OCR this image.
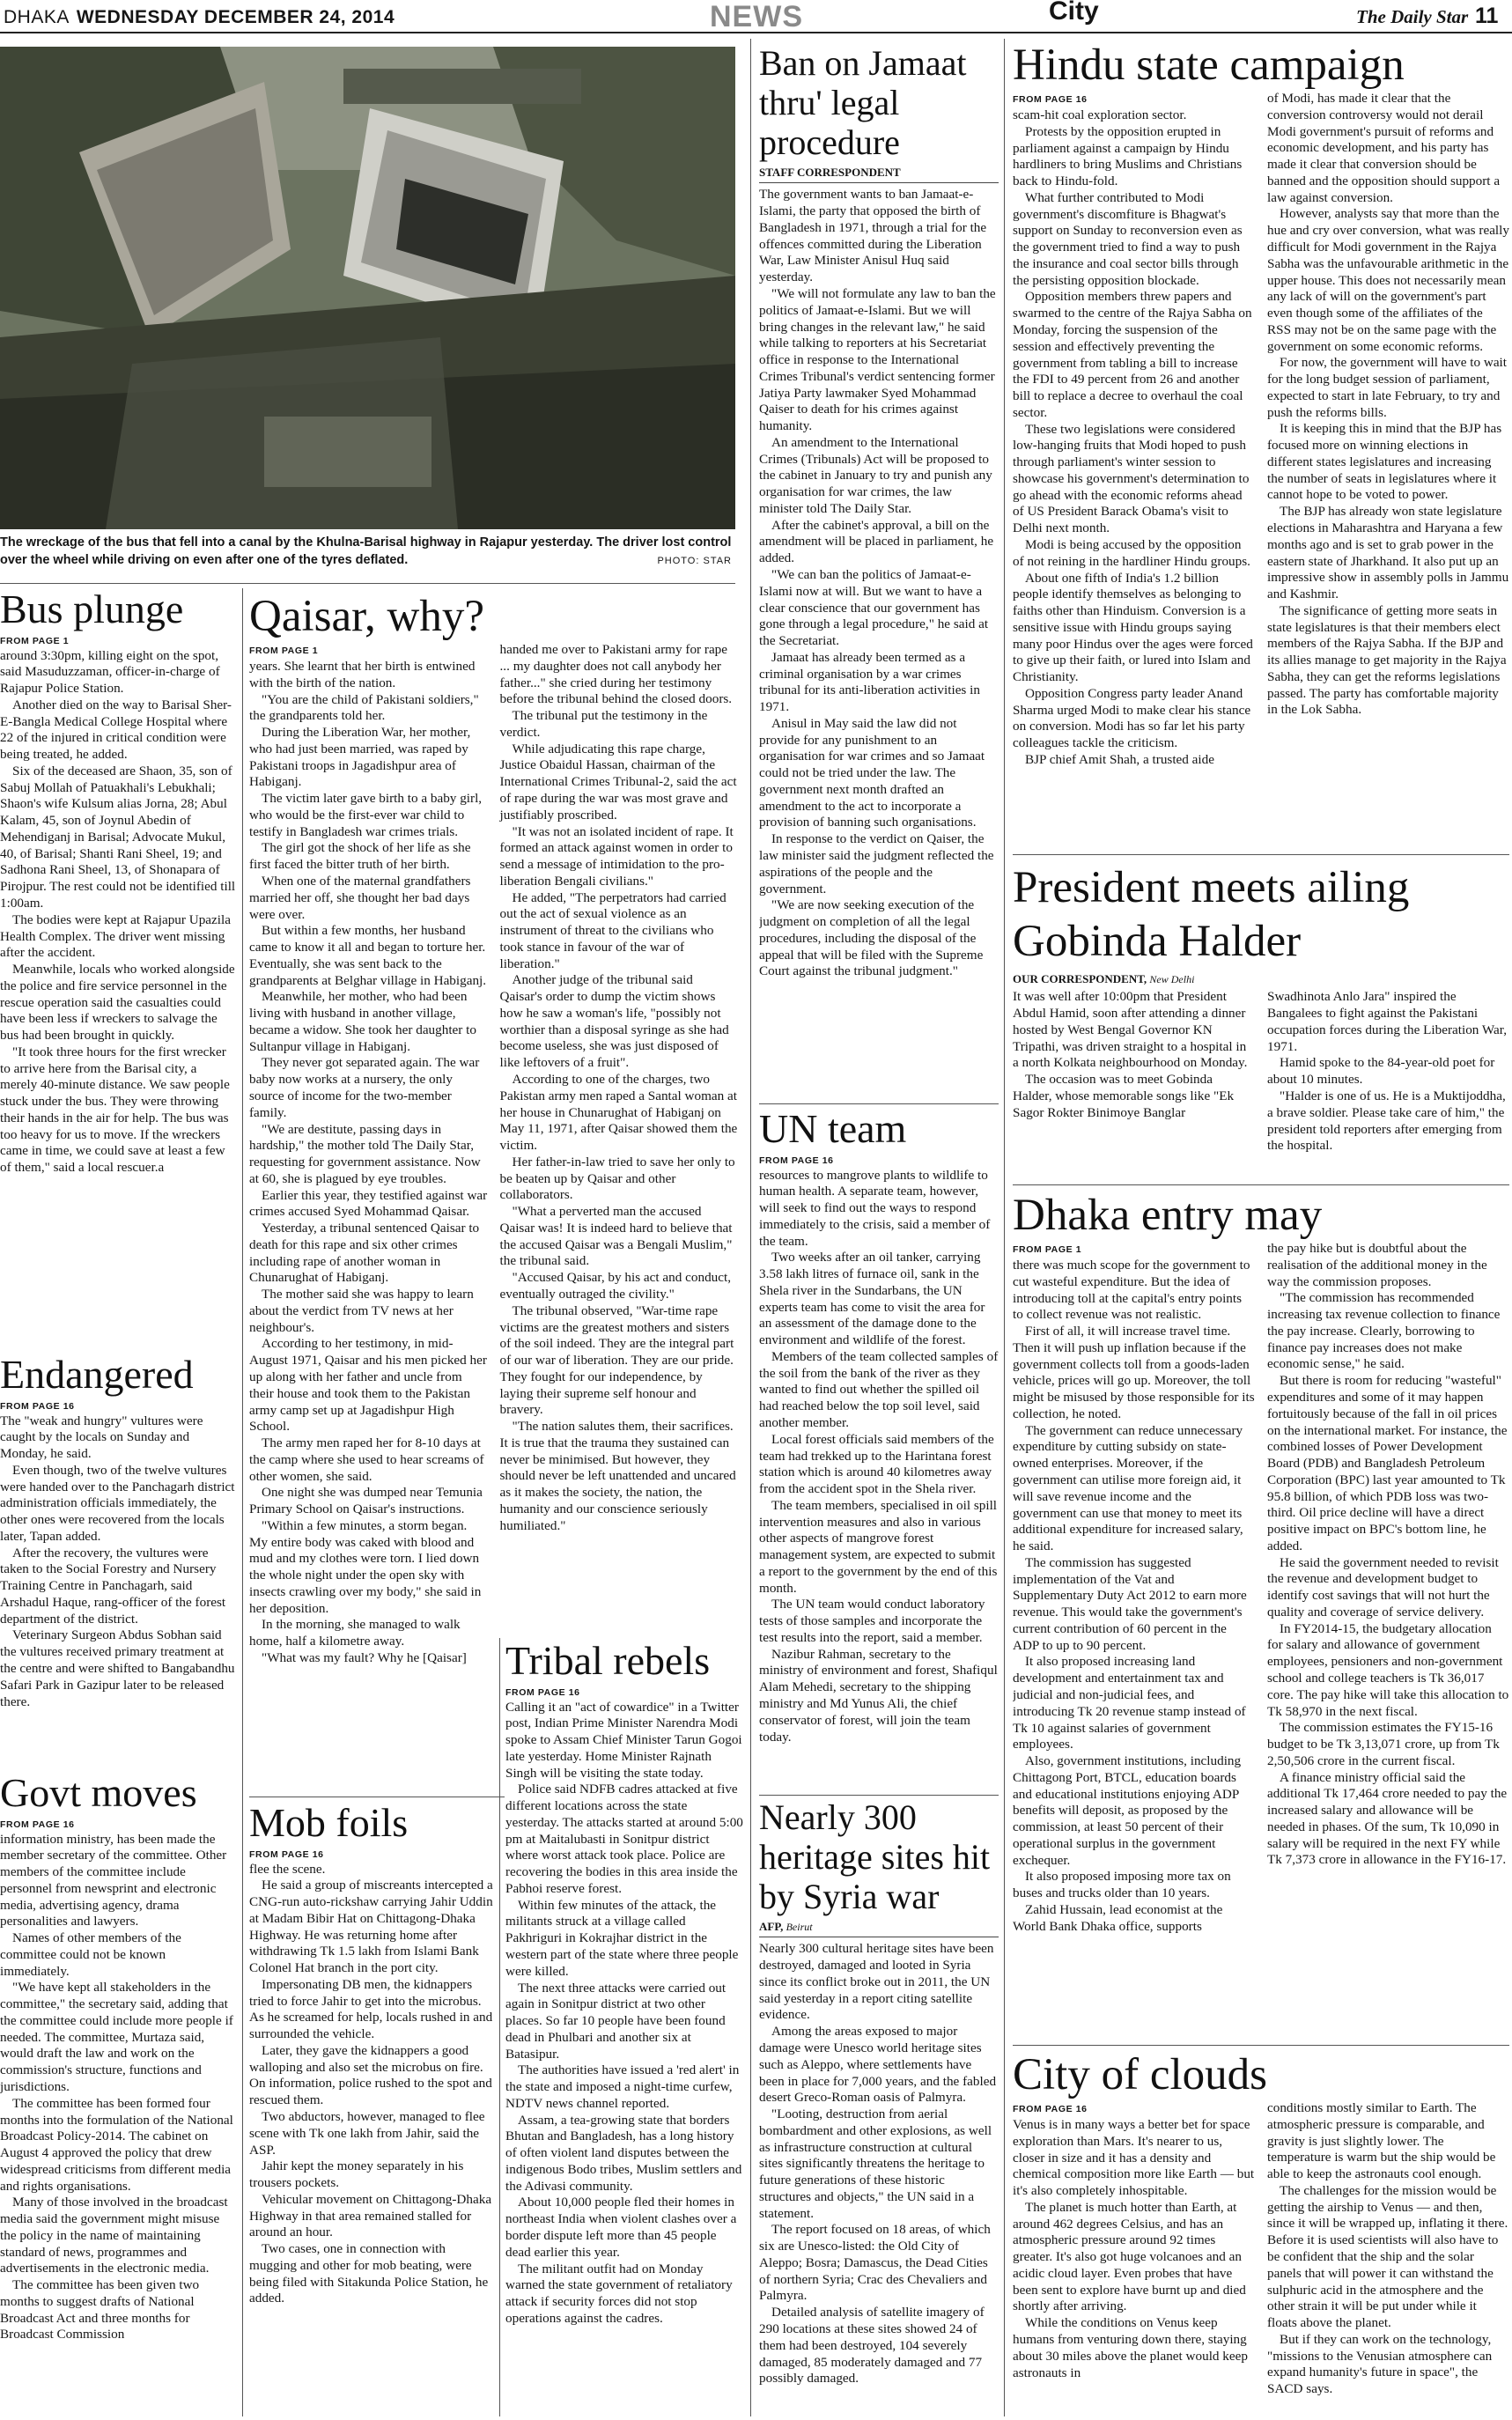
DHAKA WEDNESDAY DECEMBER 24, 2014	NEWS	City	The Daily Star 11
The wreckage of the bus that fell into a canal by the Khulna-Barisal highway in Rajapur yesterday. The driver lost control over the wheel while driving on even after one of the tyres deflated.	PHOTO: STAR
Bus plunge
FROM PAGE 1

around 3:30pm, killing eight on the spot, said Masuduzzaman, officer-in-charge of Rajapur Police Station.

Another died on the way to Barisal Sher-E-Bangla Medical College Hospital where 22 of the injured in critical condition were being treated, he added.

Six of the deceased are Shaon, 35, son of Sabuj Mollah of Patuakhali's Lebukhali; Shaon's wife Kulsum alias Jorna, 28; Abul Kalam, 45, son of Joynul Abedin of Mehendiganj in Barisal; Advocate Mukul, 40, of Barisal; Shanti Rani Sheel, 19; and Sadhona Rani Sheel, 13, of Shonapara of Pirojpur. The rest could not be identified till 1:00am.

The bodies were kept at Rajapur Upazila Health Complex. The driver went missing after the accident.

Meanwhile, locals who worked alongside the police and fire service personnel in the rescue operation said the casualties could have been less if wreckers to salvage the bus had been brought in quickly.

"It took three hours for the first wrecker to arrive here from the Barisal city, a merely 40-minute distance. We saw people stuck under the bus. They were throwing their hands in the air for help. The bus was too heavy for us to move. If the wreckers came in time, we could save at least a few of them," said a local rescuer.a

Endangered
FROM PAGE 16

The "weak and hungry" vultures were caught by the locals on Sunday and Monday, he said.

Even though, two of the twelve vultures were handed over to the Panchagarh district administration officials immediately, the other ones were recovered from the locals later, Tapan added.

After the recovery, the vultures were taken to the Social Forestry and Nursery Training Centre in Panchagarh, said Arshadul Haque, rang-officer of the forest department of the district.

Veterinary Surgeon Abdus Sobhan said the vultures received primary treatment at the centre and were shifted to Bangabandhu Safari Park in Gazipur later to be released there.

Govt moves
FROM PAGE 16

information ministry, has been made the member secretary of the committee. Other members of the committee include personnel from newsprint and electronic media, advertising agency, drama personalities and lawyers.

Names of other members of the committee could not be known immediately.

"We have kept all stakeholders in the committee," the secretary said, adding that the committee could include more people if needed. The committee, Murtaza said, would draft the law and work on the commission's structure, functions and jurisdictions.

The committee has been formed four months into the formulation of the National Broadcast Policy-2014. The cabinet on August 4 approved the policy that drew widespread criticisms from different media and rights organisations.

Many of those involved in the broadcast media said the government might misuse the policy in the name of maintaining standard of news, programmes and advertisements in the electronic media.

The committee has been given two months to suggest drafts of National Broadcast Act and three months for Broadcast Commission

Qaisar, why?
FROM PAGE 1

years. She learnt that her birth is entwined with the birth of the nation.

"You are the child of Pakistani soldiers," the grandparents told her.

During the Liberation War, her mother, who had just been married, was raped by Pakistani troops in Jagadishpur area of Habiganj.

The victim later gave birth to a baby girl, who would be the first-ever war child to testify in Bangladesh war crimes trials.

The girl got the shock of her life as she first faced the bitter truth of her birth.

When one of the maternal grandfathers married her off, she thought her bad days were over.

But within a few months, her husband came to know it all and began to torture her. Eventually, she was sent back to the grandparents at Belghar village in Habiganj.

Meanwhile, her mother, who had been living with husband in another village, became a widow. She took her daughter to Sultanpur village in Habiganj.

They never got separated again. The war baby now works at a nursery, the only source of income for the two-member family.

"We are destitute, passing days in hardship," the mother told The Daily Star, requesting for government assistance. Now at 60, she is plagued by eye troubles.

Earlier this year, they testified against war crimes accused Syed Mohammad Qaisar.

Yesterday, a tribunal sentenced Qaisar to death for this rape and six other crimes including rape of another woman in Chunarughat of Habiganj.

The mother said she was happy to learn about the verdict from TV news at her neighbour's.

According to her testimony, in mid-August 1971, Qaisar and his men picked her up along with her father and uncle from their house and took them to the Pakistan army camp set up at Jagadishpur High School.

The army men raped her for 8-10 days at the camp where she used to hear screams of other women, she said.

One night she was dumped near Temunia Primary School on Qaisar's instructions.

"Within a few minutes, a storm began. My entire body was caked with blood and mud and my clothes were torn. I lied down the whole night under the open sky with insects crawling over my body," she said in her deposition.

In the morning, she managed to walk home, half a kilometre away.

"What was my fault? Why he [Qaisar]

handed me over to Pakistani army for rape ... my daughter does not call anybody her father..." she cried during her testimony before the tribunal behind the closed doors.

The tribunal put the testimony in the verdict.

While adjudicating this rape charge, Justice Obaidul Hassan, chairman of the International Crimes Tribunal-2, said the act of rape during the war was most grave and justifiably proscribed.

"It was not an isolated incident of rape. It formed an attack against women in order to send a message of intimidation to the pro-liberation Bengali civilians."

He added, "The perpetrators had carried out the act of sexual violence as an instrument of threat to the civilians who took stance in favour of the war of liberation."

Another judge of the tribunal said Qaisar's order to dump the victim shows how he saw a woman's life, "possibly not worthier than a disposal syringe as she had become useless, she was just disposed of like leftovers of a fruit".

According to one of the charges, two Pakistan army men raped a Santal woman at her house in Chunarughat of Habiganj on May 11, 1971, after Qaisar showed them the victim.

Her father-in-law tried to save her only to be beaten up by Qaisar and other collaborators.

"What a perverted man the accused Qaisar was! It is indeed hard to believe that the accused Qaisar was a Bengali Muslim," the tribunal said.

"Accused Qaisar, by his act and conduct, eventually outraged the civility."

The tribunal observed, "War-time rape victims are the greatest mothers and sisters of the soil indeed. They are the integral part of our war of liberation. They are our pride. They fought for our independence, by laying their supreme self honour and bravery.

"The nation salutes them, their sacrifices. It is true that the trauma they sustained can never be minimised. But however, they should never be left unattended and uncared as it makes the society, the nation, the humanity and our conscience seriously humiliated."

Mob foils
FROM PAGE 16

flee the scene.

He said a group of miscreants intercepted a CNG-run auto-rickshaw carrying Jahir Uddin at Madam Bibir Hat on Chittagong-Dhaka Highway. He was returning home after withdrawing Tk 1.5 lakh from Islami Bank Colonel Hat branch in the port city.

Impersonating DB men, the kidnappers tried to force Jahir to get into the microbus. As he screamed for help, locals rushed in and surrounded the vehicle.

Later, they gave the kidnappers a good walloping and also set the microbus on fire. On information, police rushed to the spot and rescued them.

Two abductors, however, managed to flee scene with Tk one lakh from Jahir, said the ASP.

Jahir kept the money separately in his trousers pockets.

Vehicular movement on Chittagong-Dhaka Highway in that area remained stalled for around an hour.

Two cases, one in connection with mugging and other for mob beating, were being filed with Sitakunda Police Station, he added.

Tribal rebels
FROM PAGE 16

Calling it an "act of cowardice" in a Twitter post, Indian Prime Minister Narendra Modi spoke to Assam Chief Minister Tarun Gogoi late yesterday. Home Minister Rajnath Singh will be visiting the state today.

Police said NDFB cadres attacked at five different locations across the state yesterday. The attacks started at around 5:00 pm at Maitalubasti in Sonitpur district where worst attack took place. Police are recovering the bodies in this area inside the Pabhoi reserve forest.

Within few minutes of the attack, the militants struck at a village called Pakhriguri in Kokrajhar district in the western part of the state where three people were killed.

The next three attacks were carried out again in Sonitpur district at two other places. So far 10 people have been found dead in Phulbari and another six at Batasipur.

The authorities have issued a 'red alert' in the state and imposed a night-time curfew, NDTV news channel reported.

Assam, a tea-growing state that borders Bhutan and Bangladesh, has a long history of often violent land disputes between the indigenous Bodo tribes, Muslim settlers and the Adivasi community.

About 10,000 people fled their homes in northeast India when violent clashes over a border dispute left more than 45 people dead earlier this year.

The militant outfit had on Monday warned the state government of retaliatory attack if security forces did not stop operations against the cadres.

Ban on Jamaat thru' legal procedure
STAFF CORRESPONDENT

The government wants to ban Jamaat-e-Islami, the party that opposed the birth of Bangladesh in 1971, through a trial for the offences committed during the Liberation War, Law Minister Anisul Huq said yesterday.

"We will not formulate any law to ban the politics of Jamaat-e-Islami. But we will bring changes in the relevant law," he said while talking to reporters at his Secretariat office in response to the International Crimes Tribunal's verdict sentencing former Jatiya Party lawmaker Syed Mohammad Qaiser to death for his crimes against humanity.

An amendment to the International Crimes (Tribunals) Act will be proposed to the cabinet in January to try and punish any organisation for war crimes, the law minister told The Daily Star.

After the cabinet's approval, a bill on the amendment will be placed in parliament, he added.

"We can ban the politics of Jamaat-e-Islami now at will. But we want to have a clear conscience that our government has gone through a legal procedure," he said at the Secretariat.

Jamaat has already been termed as a criminal organisation by a war crimes tribunal for its anti-liberation activities in 1971.

Anisul in May said the law did not provide for any punishment to an organisation for war crimes and so Jamaat could not be tried under the law. The government next month drafted an amendment to the act to incorporate a provision of banning such organisations.

In response to the verdict on Qaiser, the law minister said the judgment reflected the aspirations of the people and the government.

"We are now seeking execution of the judgment on completion of all the legal procedures, including the disposal of the appeal that will be filed with the Supreme Court against the tribunal judgment."

UN team
FROM PAGE 16

resources to mangrove plants to wildlife to human health. A separate team, however, will seek to find out the ways to respond immediately to the crisis, said a member of the team.

Two weeks after an oil tanker, carrying 3.58 lakh litres of furnace oil, sank in the Shela river in the Sundarbans, the UN experts team has come to visit the area for an assessment of the damage done to the environment and wildlife of the forest.

Members of the team collected samples of the soil from the bank of the river as they wanted to find out whether the spilled oil had reached below the top soil level, said another member.

Local forest officials said members of the team had trekked up to the Harintana forest station which is around 40 kilometres away from the accident spot in the Shela river.

The team members, specialised in oil spill intervention measures and also in various other aspects of mangrove forest management system, are expected to submit a report to the government by the end of this month.

The UN team would conduct laboratory tests of those samples and incorporate the test results into the report, said a member.

Nazibur Rahman, secretary to the ministry of environment and forest, Shafiqul Alam Mehedi, secretary to the shipping ministry and Md Yunus Ali, the chief conservator of forest, will join the team today.

Nearly 300 heritage sites hit by Syria war
AFP, Beirut

Nearly 300 cultural heritage sites have been destroyed, damaged and looted in Syria since its conflict broke out in 2011, the UN said yesterday in a report citing satellite evidence.

Among the areas exposed to major damage were Unesco world heritage sites such as Aleppo, where settlements have been in place for 7,000 years, and the fabled desert Greco-Roman oasis of Palmyra.

"Looting, destruction from aerial bombardment and other explosions, as well as infrastructure construction at cultural sites significantly threatens the heritage to future generations of these historic structures and objects," the UN said in a statement.

The report focused on 18 areas, of which six are Unesco-listed: the Old City of Aleppo; Bosra; Damascus, the Dead Cities of northern Syria; Crac des Chevaliers and Palmyra.

Detailed analysis of satellite imagery of 290 locations at these sites showed 24 of them had been destroyed, 104 severely damaged, 85 moderately damaged and 77 possibly damaged.

Hindu state campaign
FROM PAGE 16

scam-hit coal exploration sector.

Protests by the opposition erupted in parliament against a campaign by Hindu hardliners to bring Muslims and Christians back to Hindu-fold.

What further contributed to Modi government's discomfiture is Bhagwat's support on Sunday to reconversion even as the government tried to find a way to push the insurance and coal sector bills through the persisting opposition blockade.

Opposition members threw papers and swarmed to the centre of the Rajya Sabha on Monday, forcing the suspension of the session and effectively preventing the government from tabling a bill to increase the FDI to 49 percent from 26 and another bill to replace a decree to overhaul the coal sector.

These two legislations were considered low-hanging fruits that Modi hoped to push through parliament's winter session to showcase his government's determination to go ahead with the economic reforms ahead of US President Barack Obama's visit to Delhi next month.

Modi is being accused by the opposition of not reining in the hardliner Hindu groups.

About one fifth of India's 1.2 billion people identify themselves as belonging to faiths other than Hinduism. Conversion is a sensitive issue with Hindu groups saying many poor Hindus over the ages were forced to give up their faith, or lured into Islam and Christianity.

Opposition Congress party leader Anand Sharma urged Modi to make clear his stance on conversion. Modi has so far let his party colleagues tackle the criticism.

BJP chief Amit Shah, a trusted aide

of Modi, has made it clear that the conversion controversy would not derail Modi government's pursuit of reforms and economic development, and his party has made it clear that conversion should be banned and the opposition should support a law against conversion.

However, analysts say that more than the hue and cry over conversion, what was really difficult for Modi government in the Rajya Sabha was the unfavourable arithmetic in the upper house. This does not necessarily mean any lack of will on the government's part even though some of the affiliates of the RSS may not be on the same page with the government on some economic reforms.

For now, the government will have to wait for the long budget session of parliament, expected to start in late February, to try and push the reforms bills.

It is keeping this in mind that the BJP has focused more on winning elections in different states legislatures and increasing the number of seats in legislatures where it cannot hope to be voted to power.

The BJP has already won state legislature elections in Maharashtra and Haryana a few months ago and is set to grab power in the eastern state of Jharkhand. It also put up an impressive show in assembly polls in Jammu and Kashmir.

The significance of getting more seats in state legislatures is that their members elect members of the Rajya Sabha. If the BJP and its allies manage to get majority in the Rajya Sabha, they can get the reforms legislations passed. The party has comfortable majority in the Lok Sabha.

President meets ailing Gobinda Halder
OUR CORRESPONDENT, New Delhi

It was well after 10:00pm that President Abdul Hamid, soon after attending a dinner hosted by West Bengal Governor KN Tripathi, was driven straight to a hospital in a north Kolkata neighbourhood on Monday.

The occasion was to meet Gobinda Halder, whose memorable songs like "Ek Sagor Rokter Binimoye Banglar

Swadhinota Anlo Jara" inspired the Bangalees to fight against the Pakistani occupation forces during the Liberation War, 1971.

Hamid spoke to the 84-year-old poet for about 10 minutes.

"Halder is one of us. He is a Muktijoddha, a brave soldier. Please take care of him," the president told reporters after emerging from the hospital.

Dhaka entry may
FROM PAGE 1

there was much scope for the government to cut wasteful expenditure. But the idea of introducing toll at the capital's entry points to collect revenue was not realistic.

First of all, it will increase travel time. Then it will push up inflation because if the government collects toll from a goods-laden vehicle, prices will go up. Moreover, the toll might be misused by those responsible for its collection, he noted.

The government can reduce unnecessary expenditure by cutting subsidy on state-owned enterprises. Moreover, if the government can utilise more foreign aid, it will save revenue income and the government can use that money to meet its additional expenditure for increased salary, he said.

The commission has suggested implementation of the Vat and Supplementary Duty Act 2012 to earn more revenue. This would take the government's current contribution of 60 percent in the ADP to up to 90 percent.

It also proposed increasing land development and entertainment tax and judicial and non-judicial fees, and introducing Tk 20 revenue stamp instead of Tk 10 against salaries of government employees.

Also, government institutions, including Chittagong Port, BTCL, education boards and educational institutions enjoying ADP benefits will deposit, as proposed by the commission, at least 50 percent of their operational surplus in the government exchequer.

It also proposed imposing more tax on buses and trucks older than 10 years.

Zahid Hussain, lead economist at the World Bank Dhaka office, supports

the pay hike but is doubtful about the realisation of the additional money in the way the commission proposes.

"The commission has recommended increasing tax revenue collection to finance the pay increase. Clearly, borrowing to finance pay increases does not make economic sense," he said.

But there is room for reducing "wasteful" expenditures and some of it may happen fortuitously because of the fall in oil prices on the international market. For instance, the combined losses of Power Development Board (PDB) and Bangladesh Petroleum Corporation (BPC) last year amounted to Tk 95.8 billion, of which PDB loss was two-third. Oil price decline will have a direct positive impact on BPC's bottom line, he added.

He said the government needed to revisit the revenue and development budget to identify cost savings that will not hurt the quality and coverage of service delivery.

In FY2014-15, the budgetary allocation for salary and allowance of government employees, pensioners and non-government school and college teachers is Tk 36,017 core. The pay hike will take this allocation to Tk 58,970 in the next fiscal.

The commission estimates the FY15-16 budget to be Tk 3,13,071 crore, up from Tk 2,50,506 crore in the current fiscal.

A finance ministry official said the additional Tk 17,464 crore needed to pay the increased salary and allowance will be needed in phases. Of the sum, Tk 10,090 in salary will be required in the next FY while Tk 7,373 crore in allowance in the FY16-17.

City of clouds
FROM PAGE 16

Venus is in many ways a better bet for space exploration than Mars. It's nearer to us, closer in size and it has a density and chemical composition more like Earth — but it's also completely inhospitable.

The planet is much hotter than Earth, at around 462 degrees Celsius, and has an atmospheric pressure around 92 times greater. It's also got huge volcanoes and an acidic cloud layer. Even probes that have been sent to explore have burnt up and died shortly after arriving.

While the conditions on Venus keep humans from venturing down there, staying about 30 miles above the planet would keep astronauts in

conditions mostly similar to Earth. The atmospheric pressure is comparable, and gravity is just slightly lower. The temperature is warm but the ship would be able to keep the astronauts cool enough.

The challenges for the mission would be getting the airship to Venus — and then, since it will be wrapped up, inflating it there. Before it is used scientists will also have to be confident that the ship and the solar panels that will power it can withstand the sulphuric acid in the atmosphere and the other strain it will be put under while it floats above the planet.

But if they can work on the technology, "missions to the Venusian atmosphere can expand humanity's future in space", the SACD says.
